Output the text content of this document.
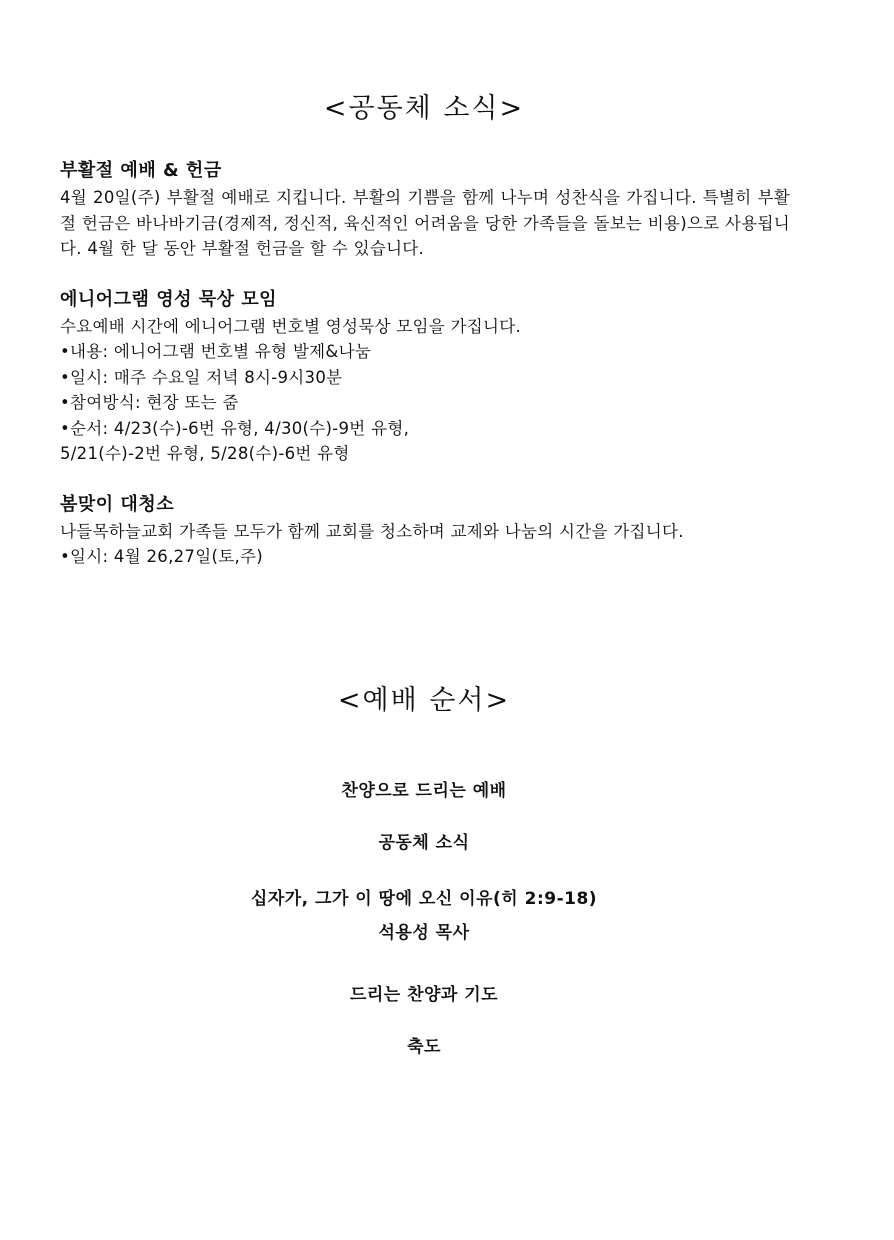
<공동체 소식>

부활절 예배 & 헌금

4월 20일(주) 부활절 예배로 지킵니다. 부활의 기쁨을 함께 나누며 성찬식을 가집니다. 특별히 부활절 헌금은 바나바기금(경제적, 정신적, 육신적인 어려움을 당한 가족들을 돌보는 비용)으로 사용됩니다. 4월 한 달 동안 부활절 헌금을 할 수 있습니다.

에니어그램 영성 묵상 모임

수요예배 시간에 에니어그램 번호별 영성묵상 모임을 가집니다.

•내용: 에니어그램 번호별 유형 발제&나눔

•일시: 매주 수요일 저녁 8시-9시30분

•참여방식: 현장 또는 줌

•순서: 4/23(수)-6번 유형, 4/30(수)-9번 유형,

5/21(수)-2번 유형, 5/28(수)-6번 유형

봄맞이 대청소

나들목하늘교회 가족들 모두가 함께 교회를 청소하며 교제와 나눔의 시간을 가집니다.

•일시: 4월 26,27일(토,주)

<예배 순서>
찬양으로 드리는 예배
공동체 소식
십자가, 그가 이 땅에 오신 이유(히 2:9-18)
석용성 목사
드리는 찬양과 기도
축도
